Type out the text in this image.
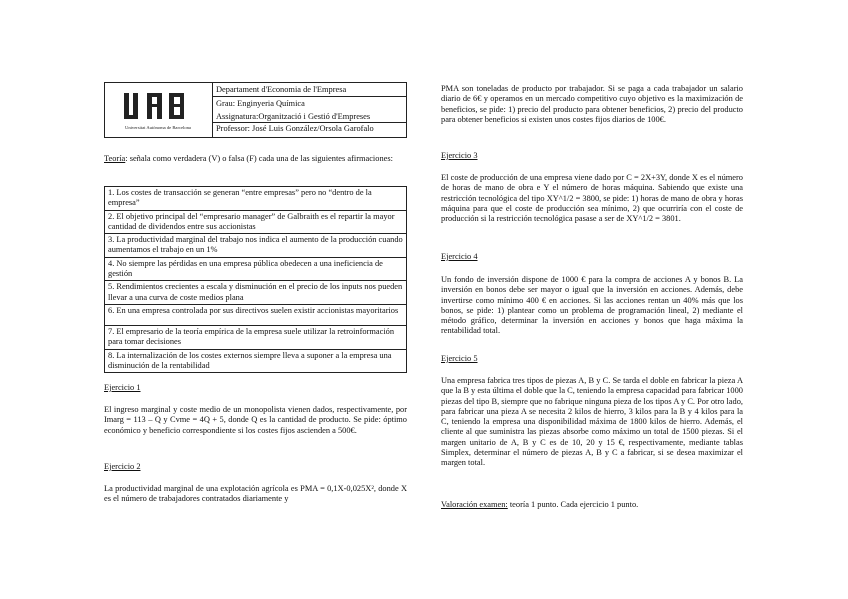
Universitat Autònoma de Barcelona
Departament d'Economia de l'Empresa
Grau: Enginyeria Química
Assignatura:Organització i Gestió d'Empreses
Professor: José Luis González/Orsola Garofalo

Teoría: señala como verdadera (V) o falsa (F) cada una de las siguientes afirmaciones:

1. Los costes de transacción se generan “entre empresas” pero no “dentro de la empresa”
2. El objetivo principal del “empresario manager” de Galbraith es el repartir la mayor cantidad de dividendos entre sus accionistas
3. La productividad marginal del trabajo nos indica el aumento de la producción cuando aumentamos el trabajo en un 1%
4. No siempre las pérdidas en una empresa pública obedecen a una ineficiencia de gestión
5. Rendimientos crecientes a escala y disminución en el precio de los inputs nos pueden llevar a una curva de coste medios plana
6. En una empresa controlada por sus directivos suelen existir accionistas mayoritarios
7. El empresario de la teoría empírica de la empresa suele utilizar la retroinformación para tomar decisiones
8. La internalización de los costes externos siempre lleva a suponer a la empresa una disminución de la rentabilidad

Ejercicio 1

El ingreso marginal y coste medio de un monopolista vienen dados, respectivamente, por Imarg = 113 – Q y Cvme = 4Q + 5, donde Q es la cantidad de producto. Se pide: óptimo económico y beneficio correspondiente si los costes fijos ascienden a 500€.

Ejercicio 2

La productividad marginal de una explotación agrícola es PMA = 0,1X-0,025X², donde X es el número de trabajadores contratados diariamente y

PMA son toneladas de producto por trabajador. Si se paga a cada trabajador un salario diario de 6€ y operamos en un mercado competitivo cuyo objetivo es la maximización de beneficios, se pide: 1) precio del producto para obtener beneficios, 2) precio del producto para obtener beneficios si existen unos costes fijos diarios de 100€.

Ejercicio 3

El coste de producción de una empresa viene dado por C = 2X+3Y, donde X es el número de horas de mano de obra e Y el número de horas máquina. Sabiendo que existe una restricción tecnológica del tipo XY^1/2 = 3800, se pide: 1) horas de mano de obra y horas máquina para que el coste de producción sea mínimo, 2) que ocurriría con el coste de producción si la restricción tecnológica pasase a ser de XY^1/2 = 3801.

Ejercicio 4

Un fondo de inversión dispone de 1000 € para la compra de acciones A y bonos B. La inversión en bonos debe ser mayor o igual que la inversión en acciones. Además, debe invertirse como mínimo 400 € en acciones. Si las acciones rentan un 40% más que los bonos, se pide: 1) plantear como un problema de programación lineal, 2) mediante el método gráfico, determinar la inversión en acciones y bonos que haga máxima la rentabilidad total.

Ejercicio 5

Una empresa fabrica tres tipos de piezas A, B y C. Se tarda el doble en fabricar la pieza A que la B y esta última el doble que la C, teniendo la empresa capacidad para fabricar 1000 piezas del tipo B, siempre que no fabrique ninguna pieza de los tipos A y C. Por otro lado, para fabricar una pieza A se necesita 2 kilos de hierro, 3 kilos para la B y 4 kilos para la C, teniendo la empresa una disponibilidad máxima de 1800 kilos de hierro. Además, el cliente al que suministra las piezas absorbe como máximo un total de 1500 piezas. Si el margen unitario de A, B y C es de 10, 20 y 15 €, respectivamente, mediante tablas Simplex, determinar el número de piezas A, B y C a fabricar, si se desea maximizar el margen total.

Valoración examen: teoría 1 punto. Cada ejercicio 1 punto.
